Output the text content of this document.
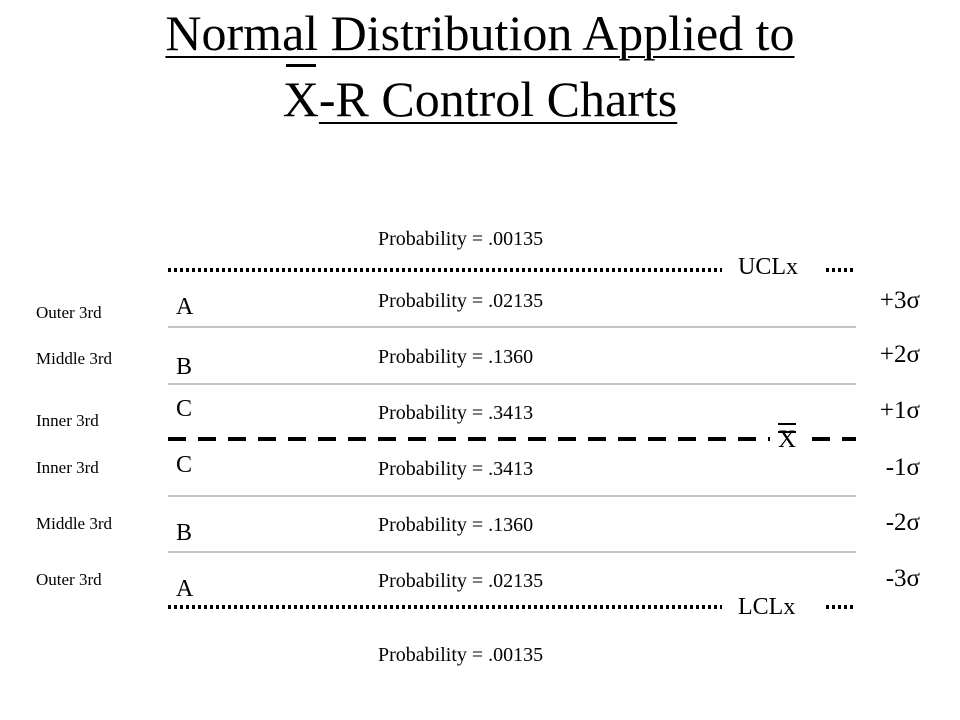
Normal Distribution Applied to
X-R Control Charts
UCLx
LCLx
X
Probability = .00135
Probability = .02135
Probability = .1360
Probability = .3413
Probability = .3413
Probability = .1360
Probability = .02135
Probability = .00135
A
B
C
C
B
A
Outer 3rd
Middle 3rd
Inner 3rd
Inner 3rd
Middle 3rd
Outer 3rd
+3σ
+2σ
+1σ
-1σ
-2σ
-3σ
